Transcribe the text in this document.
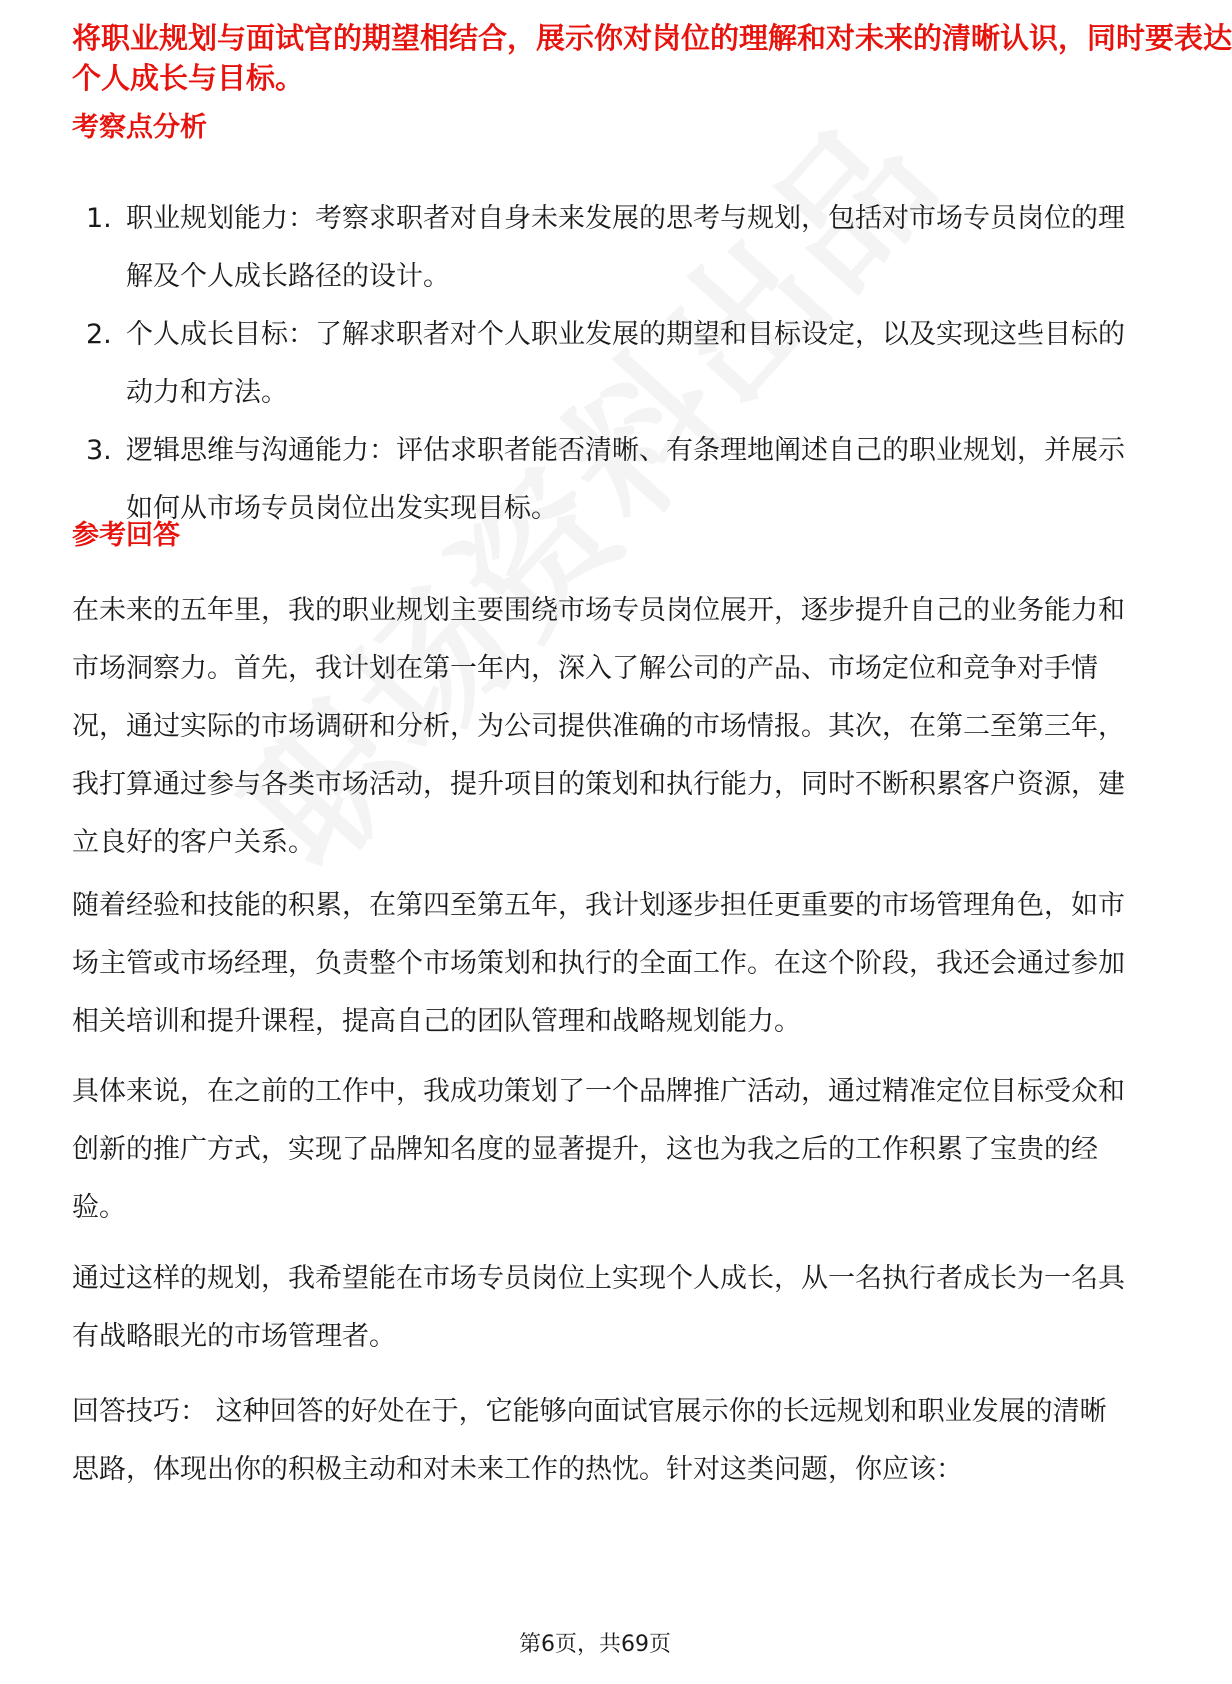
将职业规划与面试官的期望相结合，展示你对岗位的理解和对未来的清晰认识，同时要表达
个人成长与目标。
考察点分析
1. 职业规划能力：考察求职者对自身未来发展的思考与规划，包括对市场专员岗位的理解及个人成长路径的设计。
2. 个人成长目标：了解求职者对个人职业发展的期望和目标设定，以及实现这些目标的动力和方法。
3. 逻辑思维与沟通能力：评估求职者能否清晰、有条理地阐述自己的职业规划，并展示如何从市场专员岗位出发实现目标。
参考回答

在未来的五年里，我的职业规划主要围绕市场专员岗位展开，逐步提升自己的业务能力和市场洞察力。首先，我计划在第一年内，深入了解公司的产品、市场定位和竞争对手情况，通过实际的市场调研和分析，为公司提供准确的市场情报。其次，在第二至第三年，我打算通过参与各类市场活动，提升项目的策划和执行能力，同时不断积累客户资源，建立良好的客户关系。

随着经验和技能的积累，在第四至第五年，我计划逐步担任更重要的市场管理角色，如市场主管或市场经理，负责整个市场策划和执行的全面工作。在这个阶段，我还会通过参加相关培训和提升课程，提高自己的团队管理和战略规划能力。

具体来说，在之前的工作中，我成功策划了一个品牌推广活动，通过精准定位目标受众和创新的推广方式，实现了品牌知名度的显著提升，这也为我之后的工作积累了宝贵的经验。

通过这样的规划，我希望能在市场专员岗位上实现个人成长，从一名执行者成长为一名具有战略眼光的市场管理者。

回答技巧： 这种回答的好处在于，它能够向面试官展示你的长远规划和职业发展的清晰思路，体现出你的积极主动和对未来工作的热忱。针对这类问题，你应该：

第6页，共69页
